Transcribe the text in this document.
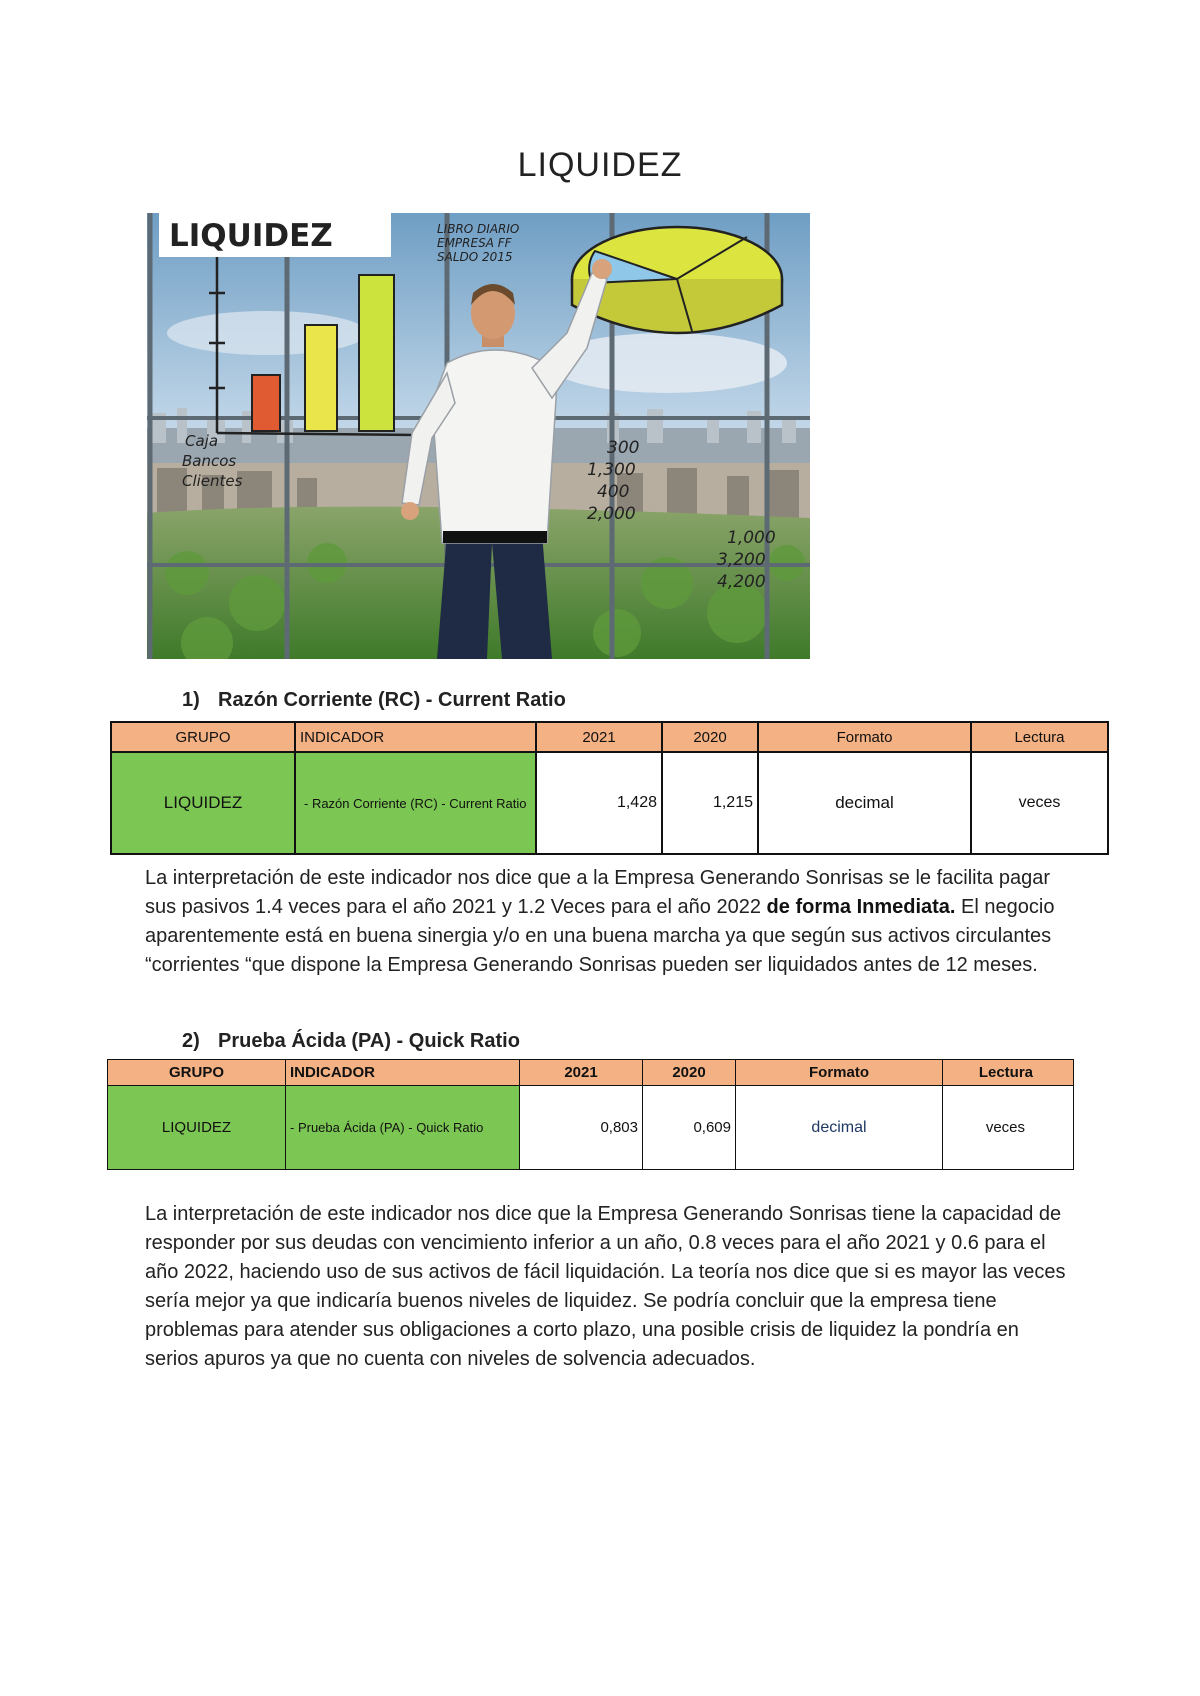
LIQUIDEZ
300
1,300
400
2,000
1,000
3,200
4,200
Caja
Bancos
Clientes
LIBRO DIARIO
EMPRESA FF
SALDO 2015
LIQUIDEZ
1) Razón Corriente (RC) - Current Ratio
GRUPO	INDICADOR	2021	2020	Formato	Lectura
LIQUIDEZ	- Razón Corriente (RC) - Current Ratio	1,428	1,215	decimal	veces
La interpretación de este indicador nos dice que a la Empresa Generando Sonrisas se le facilita pagar sus pasivos 1.4 veces para el año 2021 y 1.2 Veces para el año 2022 de forma Inmediata. El negocio aparentemente está en buena sinergia y/o en una buena marcha ya que según sus activos circulantes “corrientes “que dispone la Empresa Generando Sonrisas pueden ser liquidados antes de 12 meses.
2) Prueba Ácida (PA) - Quick Ratio
GRUPO	INDICADOR	2021	2020	Formato	Lectura
LIQUIDEZ	- Prueba Ácida (PA) - Quick Ratio	0,803	0,609	decimal	veces
La interpretación de este indicador nos dice que la Empresa Generando Sonrisas tiene la capacidad de responder por sus deudas con vencimiento inferior a un año, 0.8 veces para el año 2021 y 0.6 para el año 2022, haciendo uso de sus activos de fácil liquidación. La teoría nos dice que si es mayor las veces sería mejor ya que indicaría buenos niveles de liquidez. Se podría concluir que la empresa tiene problemas para atender sus obligaciones a corto plazo, una posible crisis de liquidez la pondría en serios apuros ya que no cuenta con niveles de solvencia adecuados.
